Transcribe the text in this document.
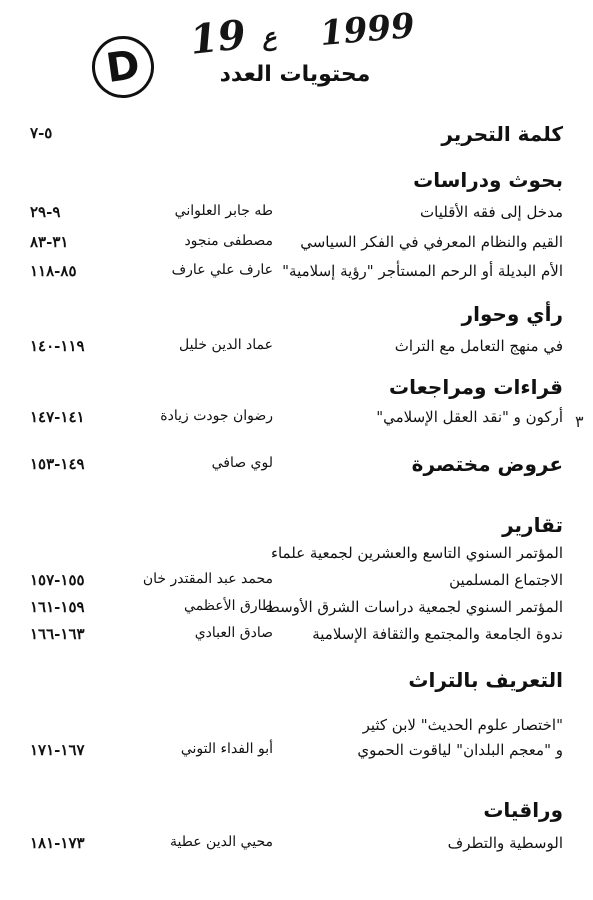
D
19 ع 1999
محتويات العدد
كلمة التحرير
٥-٧
بحوث ودراسات
مدخل إلى فقه الأقليات
طه جابر العلواني
٩-٢٩
القيم والنظام المعرفي في الفكر السياسي
مصطفى منجود
٣١-٨٣
الأم البديلة أو الرحم المستأجر "رؤية إسلامية"
عارف علي عارف
٨٥-١١٨
رأي وحوار
في منهج التعامل مع التراث
عماد الدين خليل
١١٩-١٤٠
قراءات ومراجعات
أركون و "نقد العقل الإسلامي"
رضوان جودت زيادة
١٤١-١٤٧	٣
عروض مختصرة
لوي صافي
١٤٩-١٥٣
تقارير
المؤتمر السنوي التاسع والعشرين لجمعية علماء
الاجتماع المسلمين
محمد عبد المقتدر خان
١٥٥-١٥٧
المؤتمر السنوي لجمعية دراسات الشرق الأوسط
طارق الأعظمي
١٥٩-١٦١
ندوة الجامعة والمجتمع والثقافة الإسلامية
صادق العبادي
١٦٣-١٦٦
التعريف بالتراث
"اختصار علوم الحديث" لابن كثير
و "معجم البلدان" لياقوت الحموي
أبو الفداء التوني
١٦٧-١٧١
وراقيات
الوسطية والتطرف
محيي الدين عطية
١٧٣-١٨١
